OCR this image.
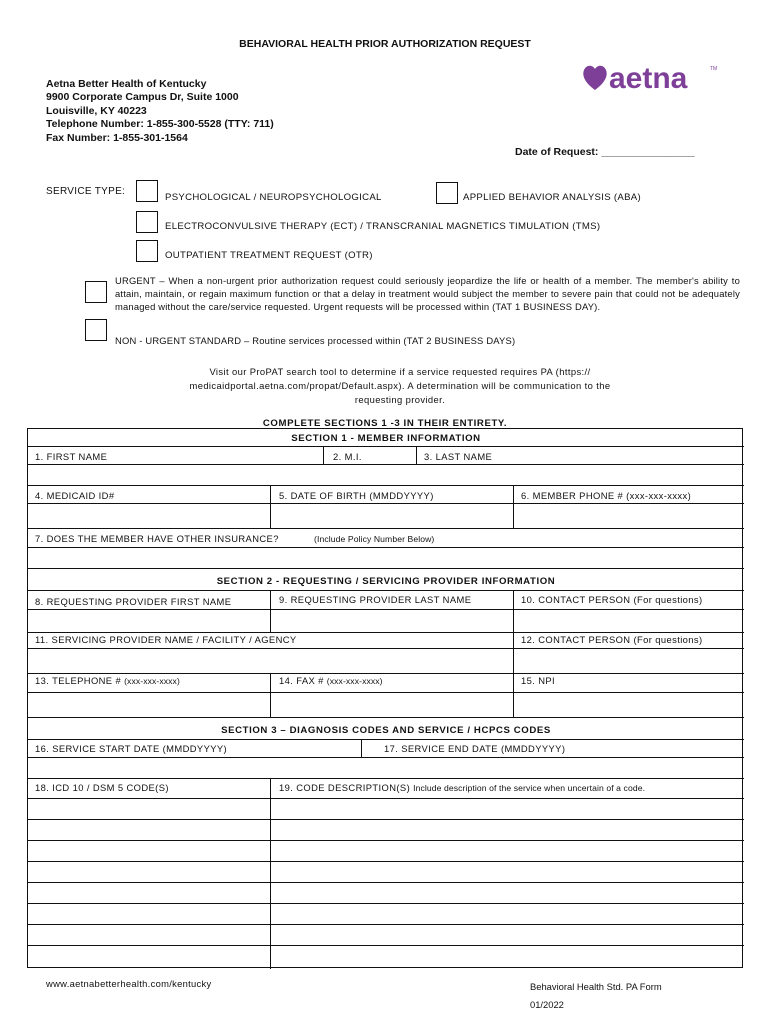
BEHAVIORAL HEALTH PRIOR AUTHORIZATION REQUEST
Aetna Better Health of Kentucky
9900 Corporate Campus Dr, Suite 1000
Louisville, KY 40223
Telephone Number: 1-855-300-5528 (TTY: 711)
Fax Number: 1-855-301-1564
aetna	TM
Date of Request: ________________
SERVICE TYPE:
PSYCHOLOGICAL / NEUROPSYCHOLOGICAL	APPLIED BEHAVIOR ANALYSIS (ABA)
ELECTROCONVULSIVE THERAPY (ECT) / TRANSCRANIAL MAGNETICS TIMULATION (TMS)
OUTPATIENT TREATMENT REQUEST (OTR)
URGENT – When a non-urgent prior authorization request could seriously jeopardize the life or health of a member. The member's ability to attain, maintain, or regain maximum function or that a delay in treatment would subject the member to severe pain that could not be adequately managed without the care/service requested. Urgent requests will be processed within (TAT 1 BUSINESS DAY).
NON - URGENT STANDARD – Routine services processed within (TAT 2 BUSINESS DAYS)
Visit our ProPAT search tool to determine if a service requested requires PA (https:// medicaidportal.aetna.com/propat/Default.aspx). A determination will be communication to the requesting provider.
COMPLETE SECTIONS 1 -3 IN THEIR ENTIRETY.
SECTION 1 - MEMBER INFORMATION
1. FIRST NAME	2. M.I.	3. LAST NAME
4. MEDICAID ID#	5. DATE OF BIRTH (MMDDYYYY)	6. MEMBER PHONE # (xxx-xxx-xxxx)
7. DOES THE MEMBER HAVE OTHER INSURANCE?	(Include Policy Number Below)
SECTION 2 - REQUESTING / SERVICING PROVIDER INFORMATION
8. REQUESTING PROVIDER FIRST NAME	9. REQUESTING PROVIDER LAST NAME	10. CONTACT PERSON (For questions)
11. SERVICING PROVIDER NAME / FACILITY / AGENCY	12. CONTACT PERSON (For questions)
13. TELEPHONE # (xxx-xxx-xxxx)	14. FAX # (xxx-xxx-xxxx)	15. NPI
SECTION 3 – DIAGNOSIS CODES AND SERVICE / HCPCS CODES
16. SERVICE START DATE (MMDDYYYY)	17. SERVICE END DATE (MMDDYYYY)
18. ICD 10 / DSM 5 CODE(S)	19. CODE DESCRIPTION(S) Include description of the service when uncertain of a code.
www.aetnabetterhealth.com/kentucky	Behavioral Health Std. PA Form
01/2022
